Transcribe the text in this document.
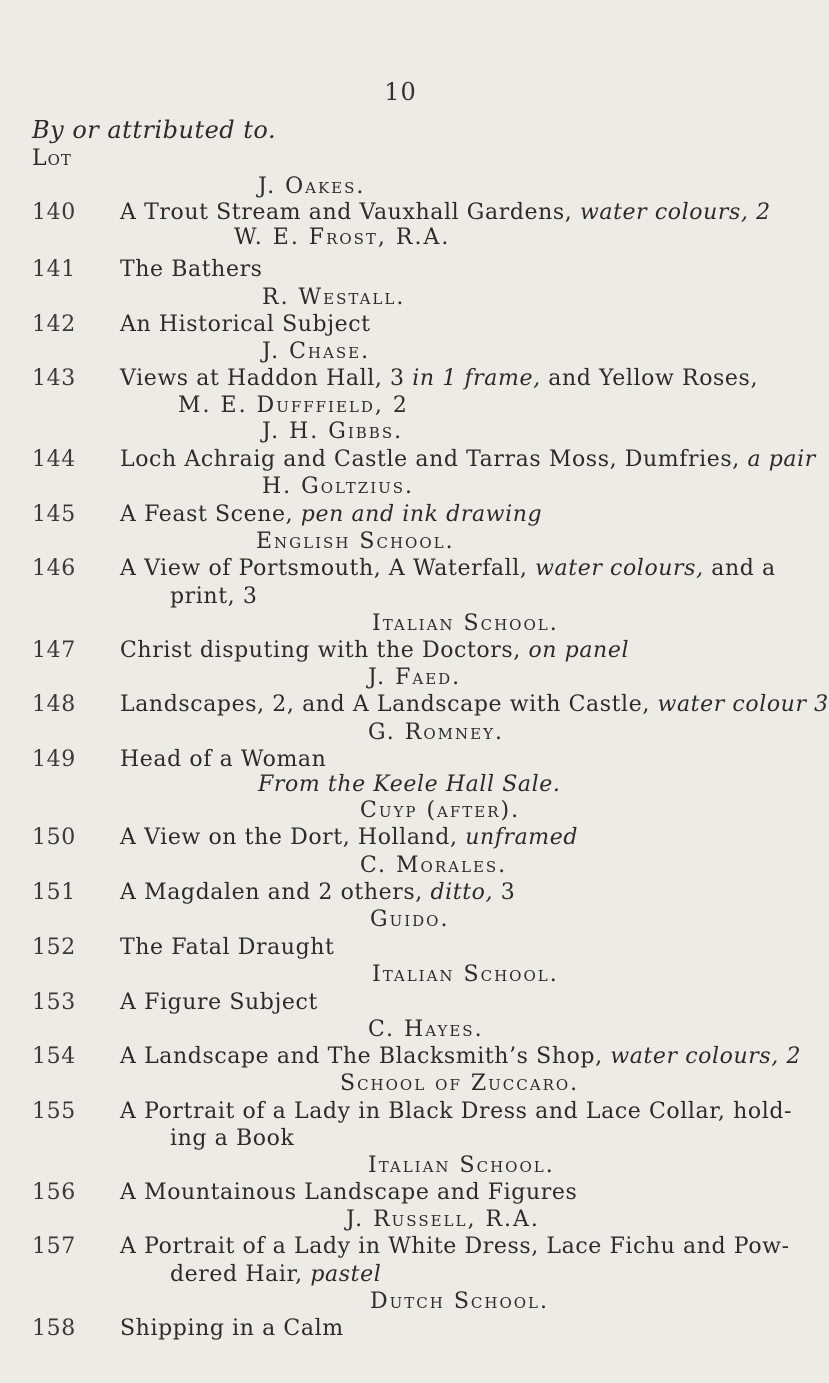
10
By or attributed to.
Lot
J. Oakes.
140	A Trout Stream and Vauxhall Gardens, water colours, 2
W. E. Frost, R.A.
141	The Bathers
R. Westall.
142	An Historical Subject
J. Chase.
143	Views at Haddon Hall, 3 in 1 frame, and Yellow Roses,
M. E. Dufffield, 2
J. H. Gibbs.
144	Loch Achraig and Castle and Tarras Moss, Dumfries, a pair
H. Goltzius.
145	A Feast Scene, pen and ink drawing
English School.
146	A View of Portsmouth, A Waterfall, water colours, and a
print, 3
Italian School.
147	Christ disputing with the Doctors, on panel
J. Faed.
148	Landscapes, 2, and A Landscape with Castle, water colour 3
G. Romney.
149	Head of a Woman
From the Keele Hall Sale.
Cuyp (after).
150	A View on the Dort, Holland, unframed
C. Morales.
151	A Magdalen and 2 others, ditto, 3
Guido.
152	The Fatal Draught
Italian School.
153	A Figure Subject
C. Hayes.
154	A Landscape and The Blacksmith’s Shop, water colours, 2
School of Zuccaro.
155	A Portrait of a Lady in Black Dress and Lace Collar, hold-
ing a Book
Italian School.
156	A Mountainous Landscape and Figures
J. Russell, R.A.
157	A Portrait of a Lady in White Dress, Lace Fichu and Pow-
dered Hair, pastel
Dutch School.
158	Shipping in a Calm
